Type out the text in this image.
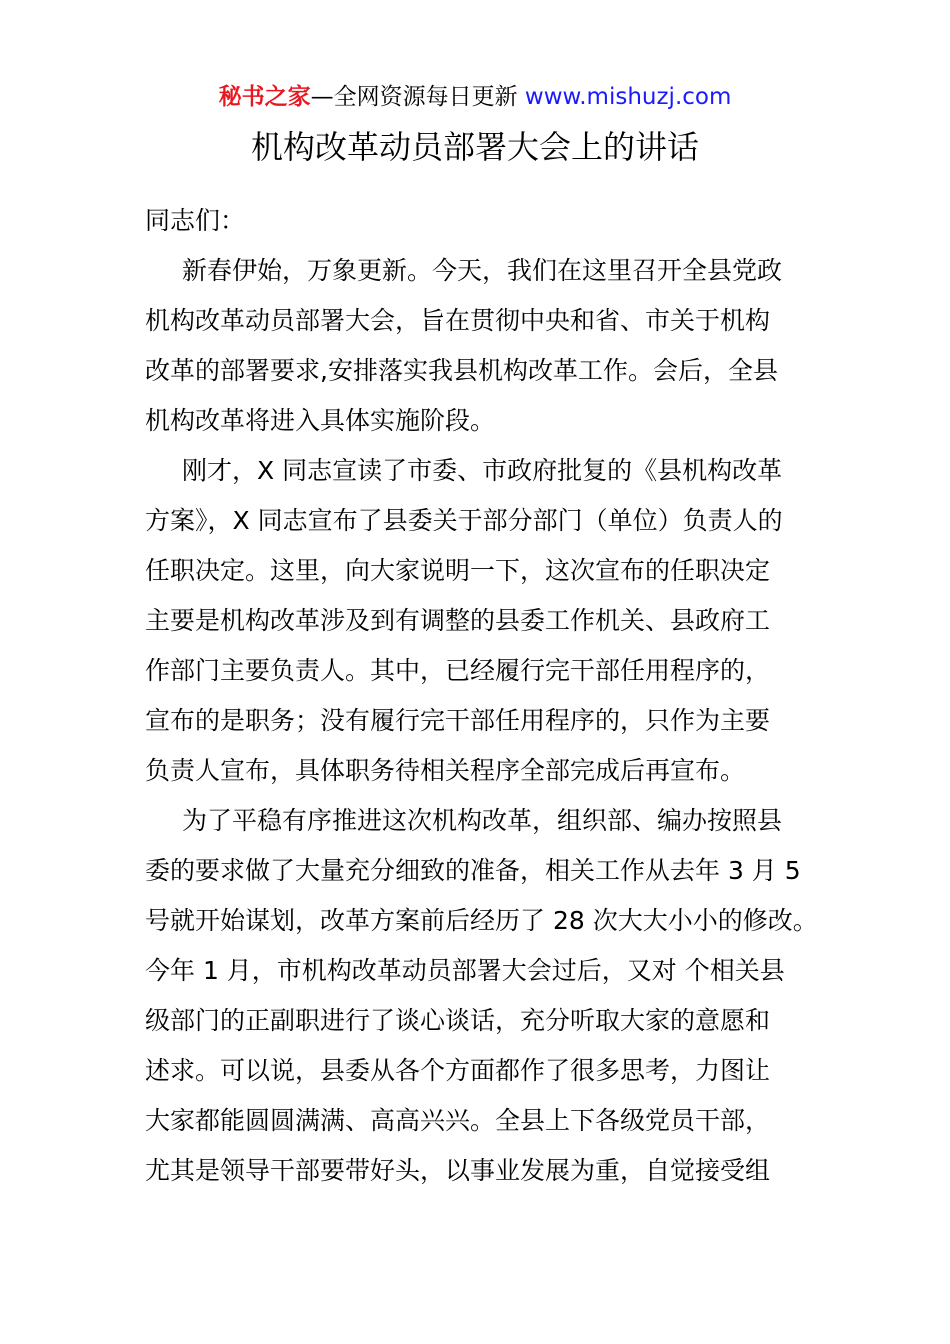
秘书之家—全网资源每日更新 www.mishuzj.com
机构改革动员部署大会上的讲话
同志们：
新春伊始，万象更新。今天，我们在这里召开全县党政
机构改革动员部署大会，旨在贯彻中央和省、市关于机构
改革的部署要求,安排落实我县机构改革工作。会后，全县
机构改革将进入具体实施阶段。
刚才，X 同志宣读了市委、市政府批复的《县机构改革
方案》，X 同志宣布了县委关于部分部门（单位）负责人的
任职决定。这里，向大家说明一下，这次宣布的任职决定
主要是机构改革涉及到有调整的县委工作机关、县政府工
作部门主要负责人。其中，已经履行完干部任用程序的，
宣布的是职务；没有履行完干部任用程序的，只作为主要
负责人宣布，具体职务待相关程序全部完成后再宣布。
为了平稳有序推进这次机构改革，组织部、编办按照县
委的要求做了大量充分细致的准备，相关工作从去年 3 月 5
号就开始谋划，改革方案前后经历了 28 次大大小小的修改。
今年 1 月，市机构改革动员部署大会过后，又对 个相关县
级部门的正副职进行了谈心谈话，充分听取大家的意愿和
述求。可以说，县委从各个方面都作了很多思考，力图让
大家都能圆圆满满、高高兴兴。全县上下各级党员干部，
尤其是领导干部要带好头，以事业发展为重，自觉接受组
